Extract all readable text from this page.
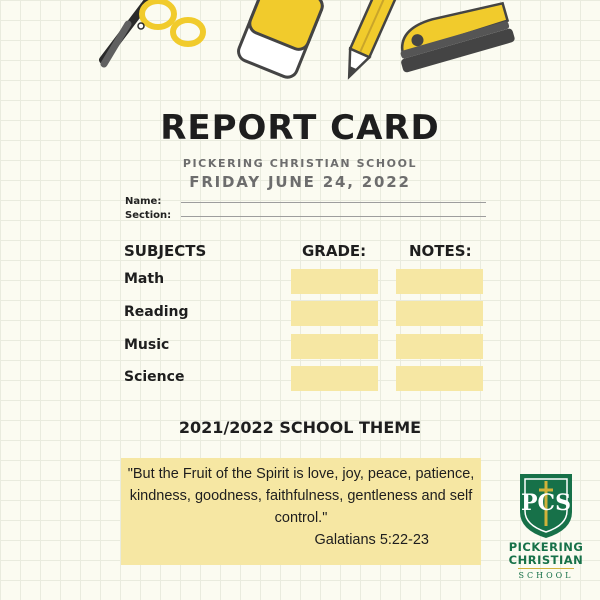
REPORT CARD
PICKERING CHRISTIAN SCHOOL
FRIDAY JUNE 24, 2022
Name:
Section:
SUBJECTS	GRADE:	NOTES:
Math
Reading
Music
Science
2021/2022 SCHOOL THEME
"But the Fruit of the Spirit is love, joy, peace, patience, kindness, goodness, faithfulness, gentleness and self control."
Galatians 5:22-23
PCS
PICKERING
CHRISTIAN
SCHOOL
